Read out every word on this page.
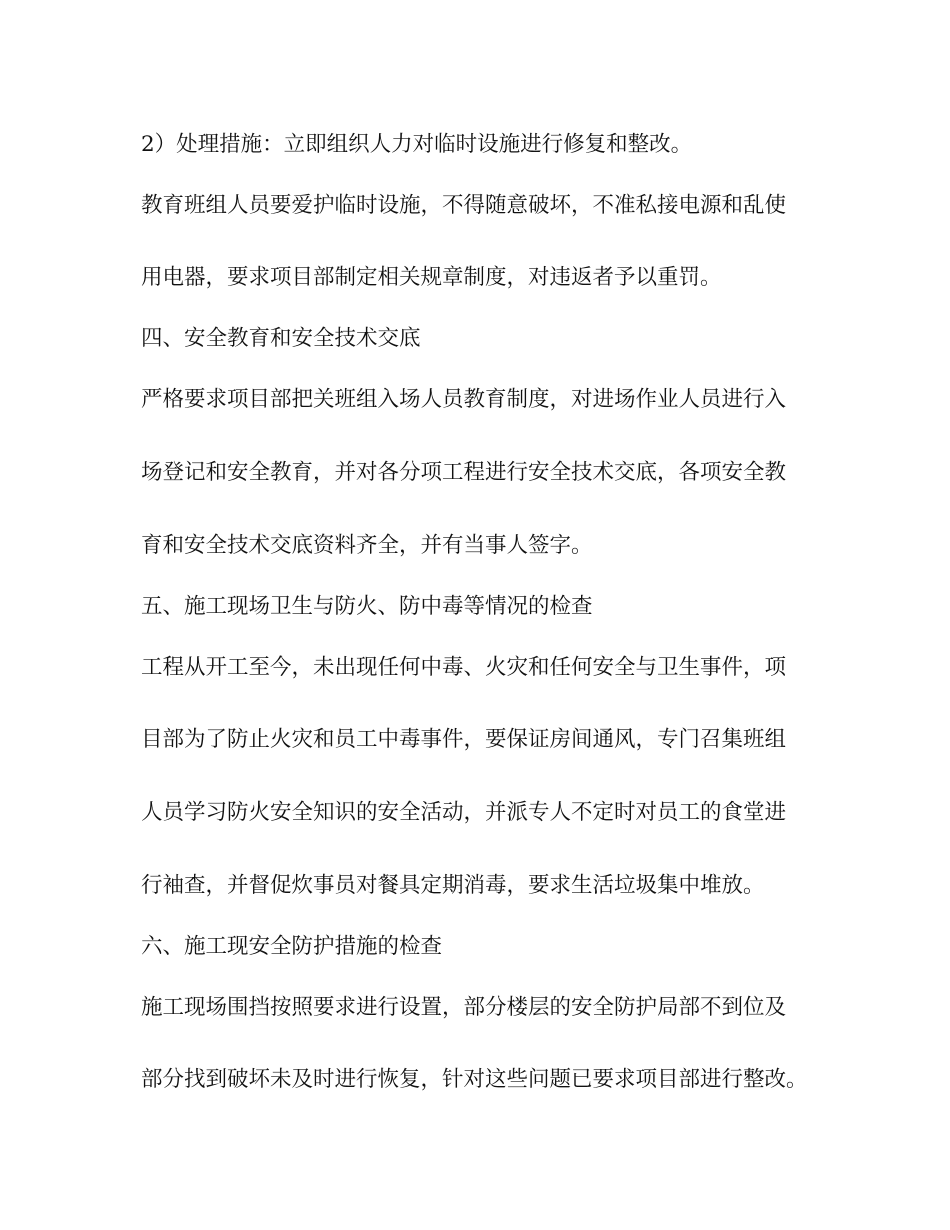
2）处理措施：立即组织人力对临时设施进行修复和整改。

教育班组人员要爱护临时设施，不得随意破坏，不准私接电源和乱使

用电器，要求项目部制定相关规章制度，对违返者予以重罚。

四、安全教育和安全技术交底

严格要求项目部把关班组入场人员教育制度，对进场作业人员进行入

场登记和安全教育，并对各分项工程进行安全技术交底，各项安全教

育和安全技术交底资料齐全，并有当事人签字。

五、施工现场卫生与防火、防中毒等情况的检查

工程从开工至今，未出现任何中毒、火灾和任何安全与卫生事件，项

目部为了防止火灾和员工中毒事件，要保证房间通风，专门召集班组

人员学习防火安全知识的安全活动，并派专人不定时对员工的食堂进

行袖查，并督促炊事员对餐具定期消毒，要求生活垃圾集中堆放。

六、施工现安全防护措施的检查

施工现场围挡按照要求进行设置，部分楼层的安全防护局部不到位及

部分找到破坏未及时进行恢复，针对这些问题已要求项目部进行整改。
